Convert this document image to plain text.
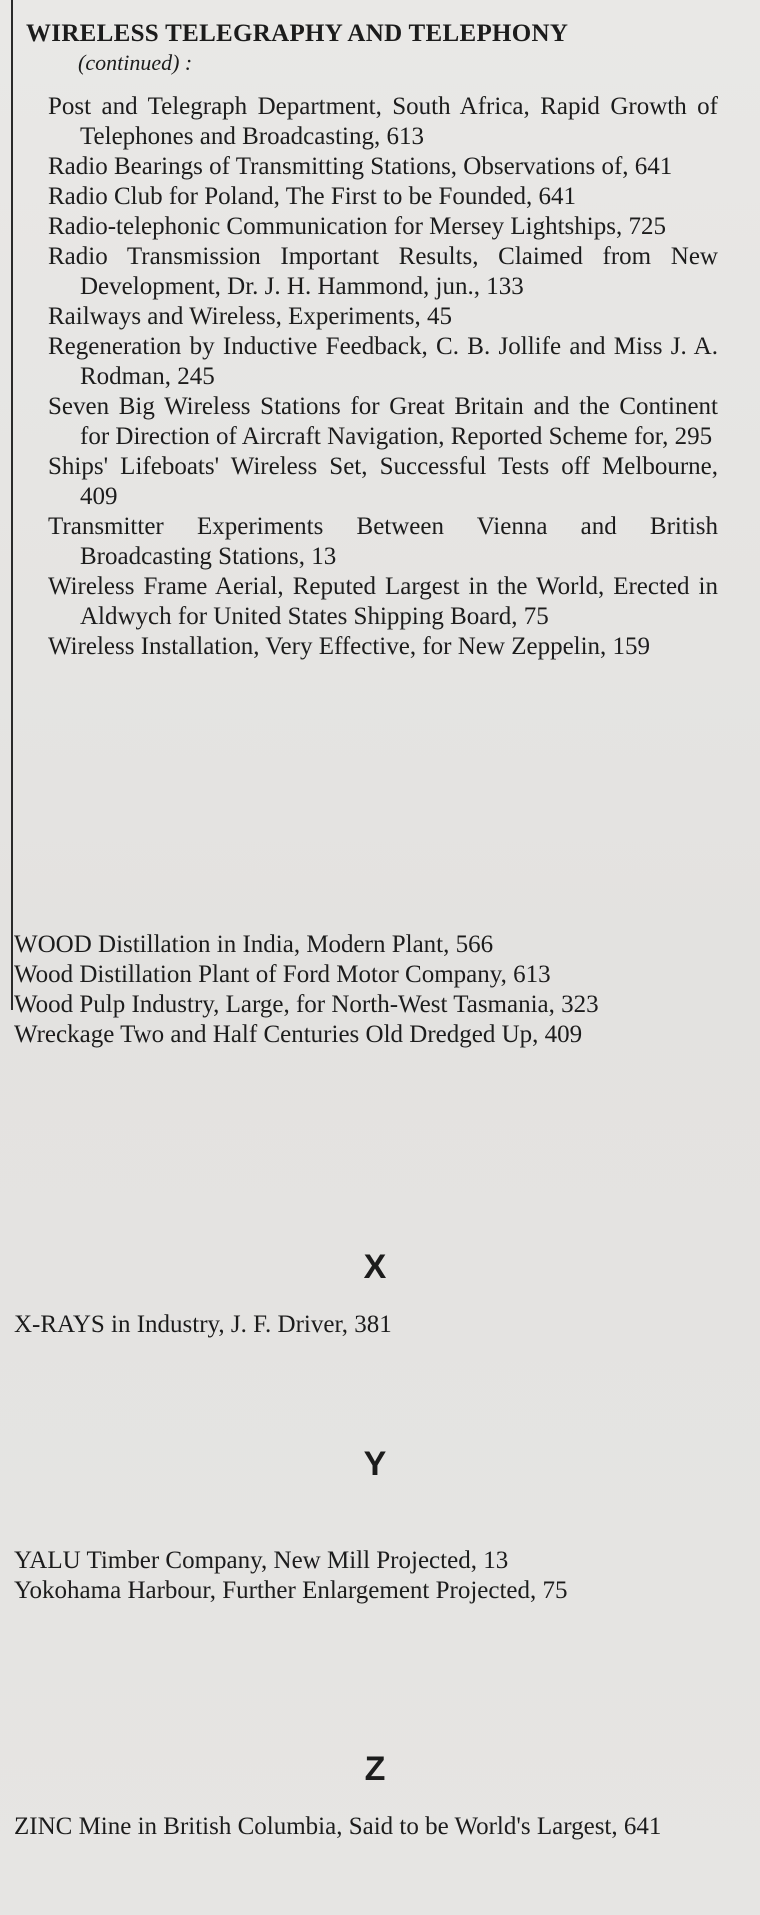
WIRELESS TELEGRAPHY AND TELEPHONY
(continued) :
Post and Telegraph Department, South Africa, Rapid Growth of Telephones and Broadcasting, 613
Radio Bearings of Transmitting Stations, Observations of, 641
Radio Club for Poland, The First to be Founded, 641
Radio-telephonic Communication for Mersey Lightships, 725
Radio Transmission Important Results, Claimed from New Development, Dr. J. H. Hammond, jun., 133
Railways and Wireless, Experiments, 45
Regeneration by Inductive Feedback, C. B. Jollife and Miss J. A. Rodman, 245
Seven Big Wireless Stations for Great Britain and the Continent for Direction of Aircraft Navigation, Reported Scheme for, 295
Ships' Lifeboats' Wireless Set, Successful Tests off Melbourne, 409
Transmitter Experiments Between Vienna and British Broadcasting Stations, 13
Wireless Frame Aerial, Reputed Largest in the World, Erected in Aldwych for United States Shipping Board, 75
Wireless Installation, Very Effective, for New Zeppelin, 159
WOOD Distillation in India, Modern Plant, 566
Wood Distillation Plant of Ford Motor Company, 613
Wood Pulp Industry, Large, for North-West Tasmania, 323
Wreckage Two and Half Centuries Old Dredged Up, 409
X
X-RAYS in Industry, J. F. Driver, 381
Y
YALU Timber Company, New Mill Projected, 13
Yokohama Harbour, Further Enlargement Projected, 75
Z
ZINC Mine in British Columbia, Said to be World's Largest, 641
